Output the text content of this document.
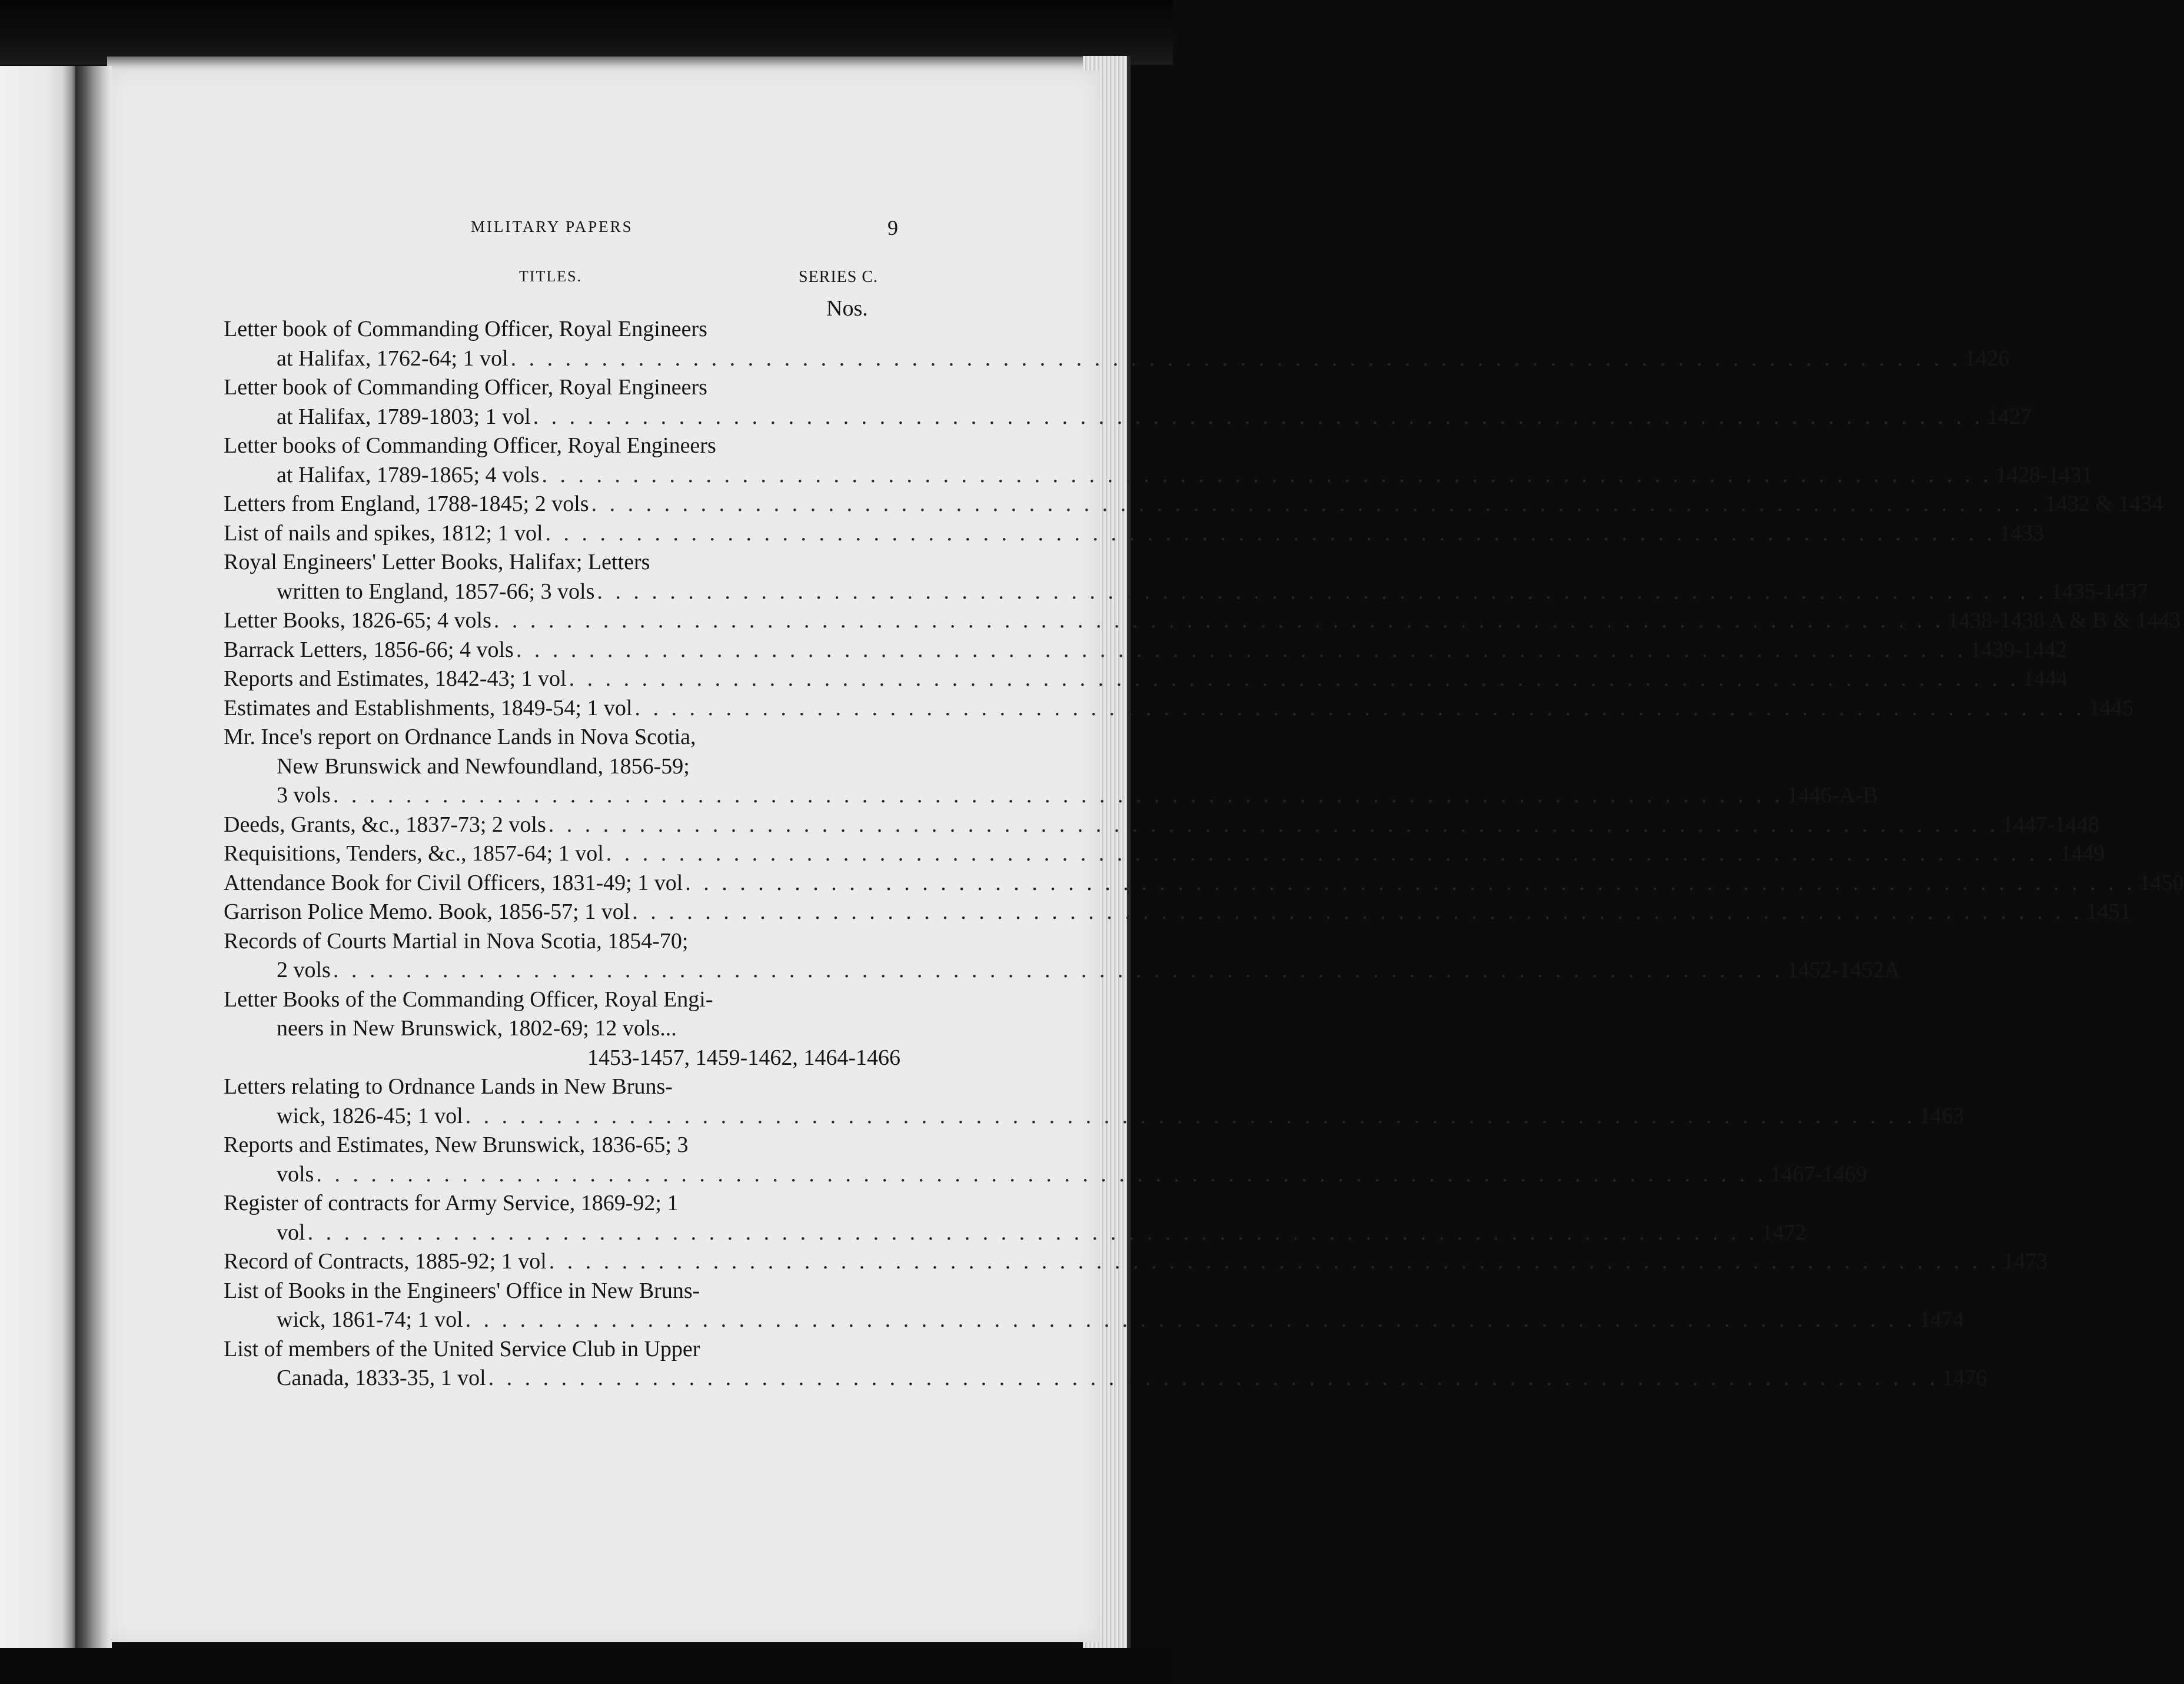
MILITARY PAPERS	9
TITLES.	SERIES C.
Nos.
Letter book of Commanding Officer, Royal Engineers
at Halifax, 1762-64; 1 vol . . . . . . . . . . . . . . . . . . . . . . . . . . . . . . . . . . . . . . . . . . . . . . . . . . . . . . . . . . . . . . . . . . . . . . . . . . . . . . . . 1426
Letter book of Commanding Officer, Royal Engineers
at Halifax, 1789-1803; 1 vol . . . . . . . . . . . . . . . . . . . . . . . . . . . . . . . . . . . . . . . . . . . . . . . . . . . . . . . . . . . . . . . . . . . . . . . . . . . . . . . . 1427
Letter books of Commanding Officer, Royal Engineers
at Halifax, 1789-1865; 4 vols . . . . . . . . . . . . . . . . . . . . . . . . . . . . . . . . . . . . . . . . . . . . . . . . . . . . . . . . . . . . . . . . . . . . . . . . . . . . . . . . 1428-1431
Letters from England, 1788-1845; 2 vols . . . . . . . . . . . . . . . . . . . . . . . . . . . . . . . . . . . . . . . . . . . . . . . . . . . . . . . . . . . . . . . . . . . . . . . . . . . . . . . . 1432 & 1434
List of nails and spikes, 1812; 1 vol . . . . . . . . . . . . . . . . . . . . . . . . . . . . . . . . . . . . . . . . . . . . . . . . . . . . . . . . . . . . . . . . . . . . . . . . . . . . . . . . 1433
Royal Engineers' Letter Books, Halifax; Letters
written to England, 1857-66; 3 vols . . . . . . . . . . . . . . . . . . . . . . . . . . . . . . . . . . . . . . . . . . . . . . . . . . . . . . . . . . . . . . . . . . . . . . . . . . . . . . . . 1435-1437
Letter Books, 1826-65; 4 vols . . . . . . . . . . . . . . . . . . . . . . . . . . . . . . . . . . . . . . . . . . . . . . . . . . . . . . . . . . . . . . . . . . . . . . . . . . . . . . . . 1438-1438 A & B & 1443
Barrack Letters, 1856-66; 4 vols . . . . . . . . . . . . . . . . . . . . . . . . . . . . . . . . . . . . . . . . . . . . . . . . . . . . . . . . . . . . . . . . . . . . . . . . . . . . . . . . 1439-1442
Reports and Estimates, 1842-43; 1 vol . . . . . . . . . . . . . . . . . . . . . . . . . . . . . . . . . . . . . . . . . . . . . . . . . . . . . . . . . . . . . . . . . . . . . . . . . . . . . . . . 1444
Estimates and Establishments, 1849-54; 1 vol . . . . . . . . . . . . . . . . . . . . . . . . . . . . . . . . . . . . . . . . . . . . . . . . . . . . . . . . . . . . . . . . . . . . . . . . . . . . . . . . 1445
Mr. Ince's report on Ordnance Lands in Nova Scotia,
New Brunswick and Newfoundland, 1856-59;
3 vols . . . . . . . . . . . . . . . . . . . . . . . . . . . . . . . . . . . . . . . . . . . . . . . . . . . . . . . . . . . . . . . . . . . . . . . . . . . . . . . . 1446-A-B
Deeds, Grants, &c., 1837-73; 2 vols . . . . . . . . . . . . . . . . . . . . . . . . . . . . . . . . . . . . . . . . . . . . . . . . . . . . . . . . . . . . . . . . . . . . . . . . . . . . . . . . 1447-1448
Requisitions, Tenders, &c., 1857-64; 1 vol . . . . . . . . . . . . . . . . . . . . . . . . . . . . . . . . . . . . . . . . . . . . . . . . . . . . . . . . . . . . . . . . . . . . . . . . . . . . . . . . 1449
Attendance Book for Civil Officers, 1831-49; 1 vol . . . . . . . . . . . . . . . . . . . . . . . . . . . . . . . . . . . . . . . . . . . . . . . . . . . . . . . . . . . . . . . . . . . . . . . . . . . . . . . . 1450
Garrison Police Memo. Book, 1856-57; 1 vol . . . . . . . . . . . . . . . . . . . . . . . . . . . . . . . . . . . . . . . . . . . . . . . . . . . . . . . . . . . . . . . . . . . . . . . . . . . . . . . . 1451
Records of Courts Martial in Nova Scotia, 1854-70;
2 vols . . . . . . . . . . . . . . . . . . . . . . . . . . . . . . . . . . . . . . . . . . . . . . . . . . . . . . . . . . . . . . . . . . . . . . . . . . . . . . . . 1452-1452A
Letter Books of the Commanding Officer, Royal Engi-
neers in New Brunswick, 1802-69; 12 vols...
1453-1457, 1459-1462, 1464-1466
Letters relating to Ordnance Lands in New Bruns-
wick, 1826-45; 1 vol . . . . . . . . . . . . . . . . . . . . . . . . . . . . . . . . . . . . . . . . . . . . . . . . . . . . . . . . . . . . . . . . . . . . . . . . . . . . . . . . 1463
Reports and Estimates, New Brunswick, 1836-65; 3
vols . . . . . . . . . . . . . . . . . . . . . . . . . . . . . . . . . . . . . . . . . . . . . . . . . . . . . . . . . . . . . . . . . . . . . . . . . . . . . . . . 1467-1469
Register of contracts for Army Service, 1869-92; 1
vol . . . . . . . . . . . . . . . . . . . . . . . . . . . . . . . . . . . . . . . . . . . . . . . . . . . . . . . . . . . . . . . . . . . . . . . . . . . . . . . . 1472
Record of Contracts, 1885-92; 1 vol . . . . . . . . . . . . . . . . . . . . . . . . . . . . . . . . . . . . . . . . . . . . . . . . . . . . . . . . . . . . . . . . . . . . . . . . . . . . . . . . 1473
List of Books in the Engineers' Office in New Bruns-
wick, 1861-74; 1 vol . . . . . . . . . . . . . . . . . . . . . . . . . . . . . . . . . . . . . . . . . . . . . . . . . . . . . . . . . . . . . . . . . . . . . . . . . . . . . . . . 1474
List of members of the United Service Club in Upper
Canada, 1833-35, 1 vol . . . . . . . . . . . . . . . . . . . . . . . . . . . . . . . . . . . . . . . . . . . . . . . . . . . . . . . . . . . . . . . . . . . . . . . . . . . . . . . . 1476
